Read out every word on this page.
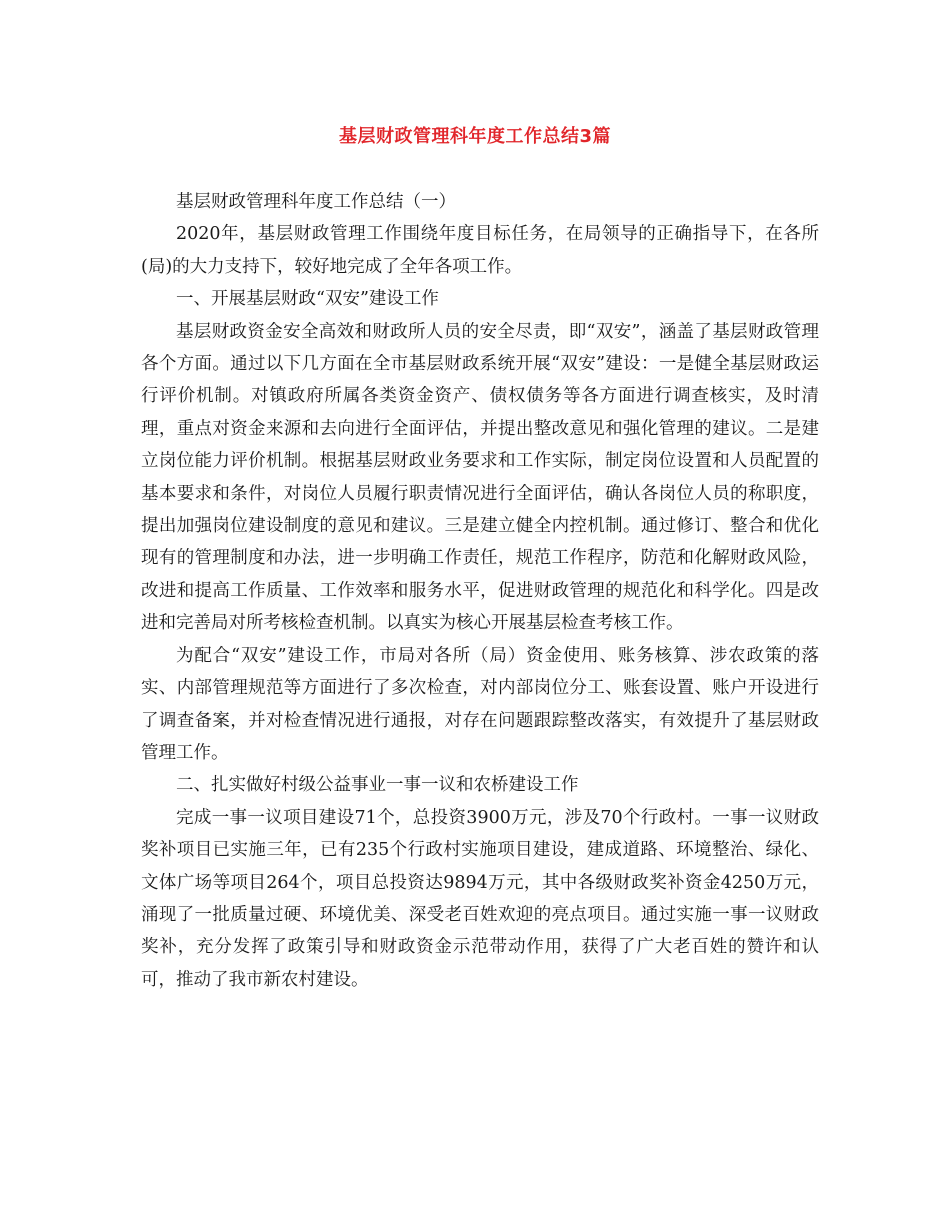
基层财政管理科年度工作总结3篇

基层财政管理科年度工作总结（一）

2020年，基层财政管理工作围绕年度目标任务，在局领导的正确指导下，在各所(局)的大力支持下，较好地完成了全年各项工作。

一、开展基层财政“双安”建设工作

基层财政资金安全高效和财政所人员的安全尽责，即“双安”，涵盖了基层财政管理各个方面。通过以下几方面在全市基层财政系统开展“双安”建设：一是健全基层财政运行评价机制。对镇政府所属各类资金资产、债权债务等各方面进行调查核实，及时清理，重点对资金来源和去向进行全面评估，并提出整改意见和强化管理的建议。二是建立岗位能力评价机制。根据基层财政业务要求和工作实际，制定岗位设置和人员配置的基本要求和条件，对岗位人员履行职责情况进行全面评估，确认各岗位人员的称职度，提出加强岗位建设制度的意见和建议。三是建立健全内控机制。通过修订、整合和优化现有的管理制度和办法，进一步明确工作责任，规范工作程序，防范和化解财政风险，改进和提高工作质量、工作效率和服务水平，促进财政管理的规范化和科学化。四是改进和完善局对所考核检查机制。以真实为核心开展基层检查考核工作。

为配合“双安”建设工作，市局对各所（局）资金使用、账务核算、涉农政策的落实、内部管理规范等方面进行了多次检查，对内部岗位分工、账套设置、账户开设进行了调查备案，并对检查情况进行通报，对存在问题跟踪整改落实，有效提升了基层财政管理工作。

二、扎实做好村级公益事业一事一议和农桥建设工作

完成一事一议项目建设71个，总投资3900万元，涉及70个行政村。一事一议财政奖补项目已实施三年，已有235个行政村实施项目建设，建成道路、环境整治、绿化、文体广场等项目264个，项目总投资达9894万元，其中各级财政奖补资金4250万元，涌现了一批质量过硬、环境优美、深受老百姓欢迎的亮点项目。通过实施一事一议财政奖补，充分发挥了政策引导和财政资金示范带动作用，获得了广大老百姓的赞许和认可，推动了我市新农村建设。
